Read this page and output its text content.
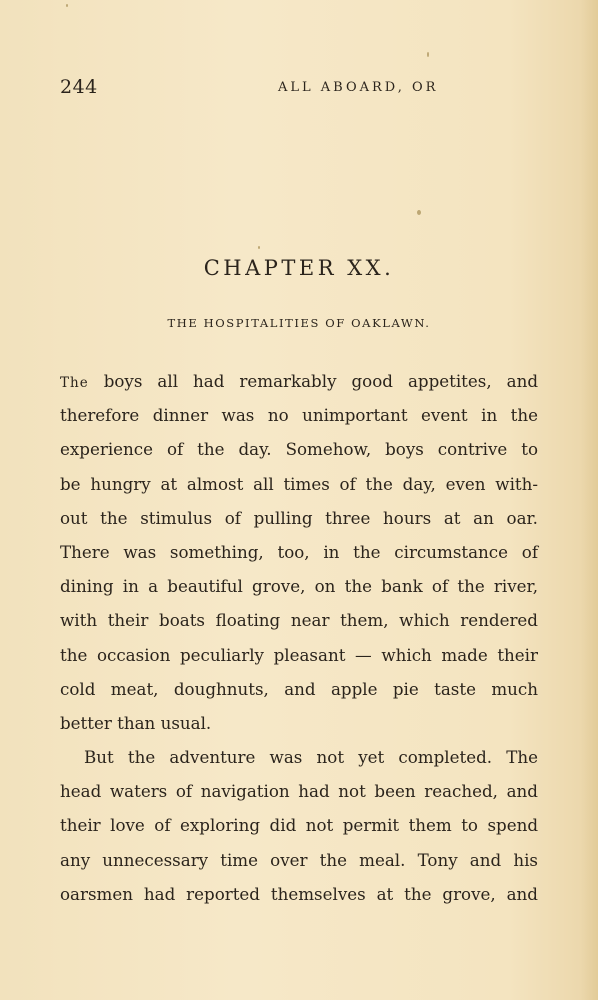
244	ALL ABOARD, OR
CHAPTER XX.
THE HOSPITALITIES OF OAKLAWN.
The boys all had remarkably good appetites, and
therefore dinner was no unimportant event in the
experience of the day. Somehow, boys contrive to
be hungry at almost all times of the day, even with-
out the stimulus of pulling three hours at an oar.
There was something, too, in the circumstance of
dining in a beautiful grove, on the bank of the river,
with their boats floating near them, which rendered
the occasion peculiarly pleasant — which made their
cold meat, doughnuts, and apple pie taste much
better than usual.
But the adventure was not yet completed. The
head waters of navigation had not been reached, and
their love of exploring did not permit them to spend
any unnecessary time over the meal. Tony and his
oarsmen had reported themselves at the grove, and
